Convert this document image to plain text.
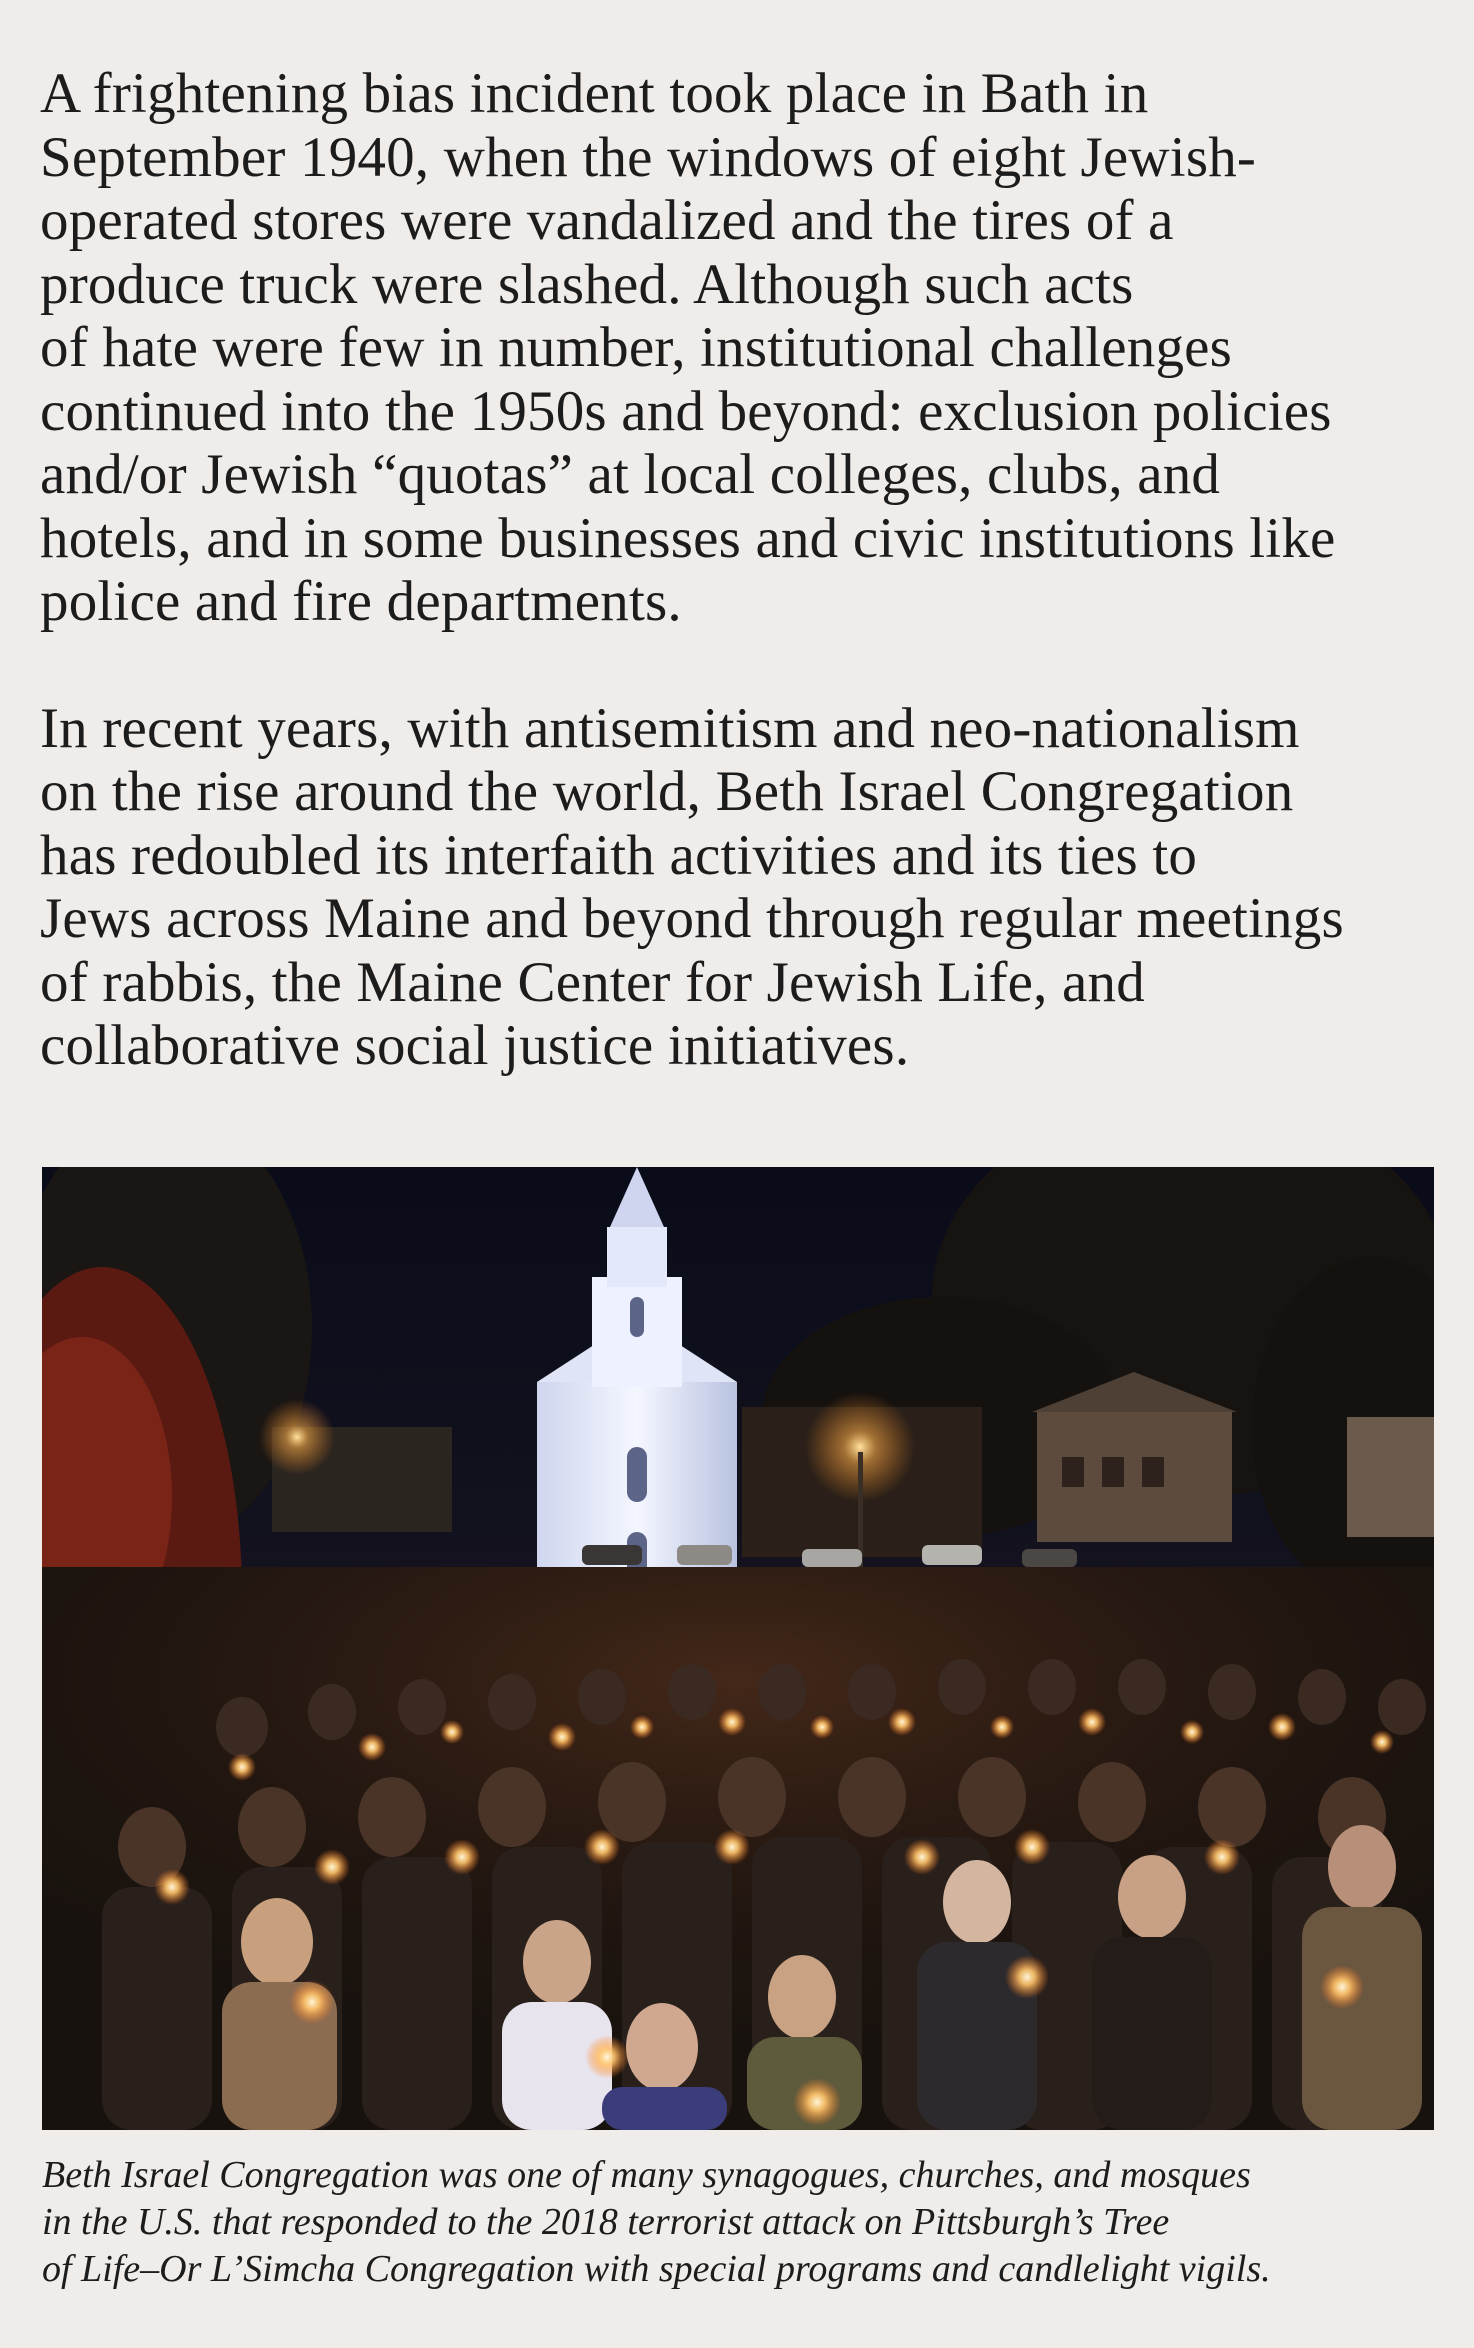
A frightening bias incident took place in Bath in
September 1940, when the windows of eight Jewish-
operated stores were vandalized and the tires of a
produce truck were slashed. Although such acts
of hate were few in number, institutional challenges
continued into the 1950s and beyond: exclusion policies
and/or Jewish “quotas” at local colleges, clubs, and
hotels, and in some businesses and civic institutions like
police and fire departments.

In recent years, with antisemitism and neo-nationalism
on the rise around the world, Beth Israel Congregation
has redoubled its interfaith activities and its ties to
Jews across Maine and beyond through regular meetings
of rabbis, the Maine Center for Jewish Life, and
collaborative social justice initiatives.

Beth Israel Congregation was one of many synagogues, churches, and mosques
in the U.S. that responded to the 2018 terrorist attack on Pittsburgh’s Tree
of Life–Or L’Simcha Congregation with special programs and candlelight vigils.
